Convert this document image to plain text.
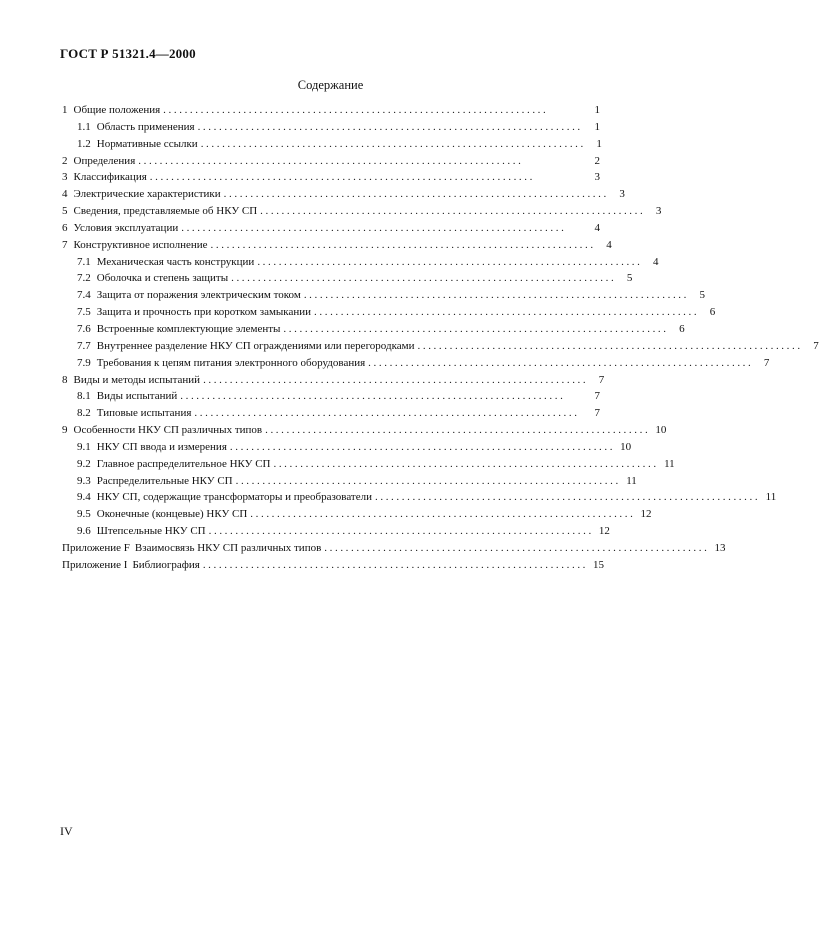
ГОСТ Р 51321.4—2000
Содержание
1 Общие положения ........................................................................	1
1.1 Область применения ........................................................................	1
1.2 Нормативные ссылки ........................................................................ 1
2 Определения ........................................................................	2
3 Классификация ........................................................................	3
4 Электрические характеристики ........................................................................ 3
5 Сведения, представляемые об НКУ СП ........................................................................ 3
6 Условия эксплуатации ........................................................................	4
7 Конструктивное исполнение ........................................................................ 4
7.1 Механическая часть конструкции ........................................................................ 4
7.2 Оболочка и степень защиты ........................................................................ 5
7.4 Защита от поражения электрическим током ........................................................................ 5
7.5 Защита и прочность при коротком замыкании ........................................................................ 6
7.6 Встроенные комплектующие элементы ........................................................................ 6
7.7 Внутреннее разделение НКУ СП ограждениями или перегородками ........................................................................ 7
7.9 Требования к цепям питания электронного оборудования ........................................................................ 7
8 Виды и методы испытаний ........................................................................ 7
8.1 Виды испытаний ........................................................................	7
8.2 Типовые испытания ........................................................................	7
9 Особенности НКУ СП различных типов ........................................................................ 10
9.1 НКУ СП ввода и измерения ........................................................................ 10
9.2 Главное распределительное НКУ СП ........................................................................ 11
9.3 Распределительные НКУ СП ........................................................................ 11
9.4 НКУ СП, содержащие трансформаторы и преобразователи ........................................................................ 11
9.5 Оконечные (концевые) НКУ СП ........................................................................ 12
9.6 Штепсельные НКУ СП ........................................................................ 12
Приложение F Взаимосвязь НКУ СП различных типов ........................................................................ 13
Приложение I Библиография ........................................................................ 15
IV
